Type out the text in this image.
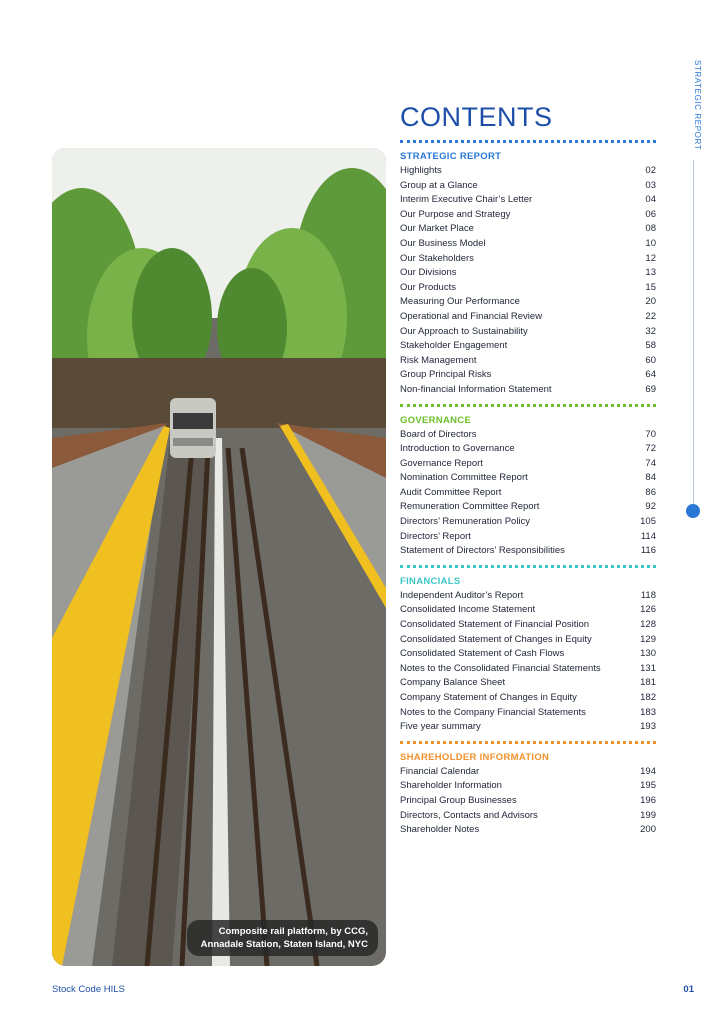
STRATEGIC REPORT
Composite rail platform, by CCG,
Annadale Station, Staten Island, NYC
CONTENTS
STRATEGIC REPORT
Highlights	02
Group at a Glance	03
Interim Executive Chair’s Letter	04
Our Purpose and Strategy	06
Our Market Place	08
Our Business Model	10
Our Stakeholders	12
Our Divisions	13
Our Products	15
Measuring Our Performance	20
Operational and Financial Review	22
Our Approach to Sustainability	32
Stakeholder Engagement	58
Risk Management	60
Group Principal Risks	64
Non-financial Information Statement	69
GOVERNANCE
Board of Directors	70
Introduction to Governance	72
Governance Report	74
Nomination Committee Report	84
Audit Committee Report	86
Remuneration Committee Report	92
Directors’ Remuneration Policy	105
Directors’ Report	114
Statement of Directors’ Responsibilities	116
FINANCIALS
Independent Auditor’s Report	118
Consolidated Income Statement	126
Consolidated Statement of Financial Position	128
Consolidated Statement of Changes in Equity	129
Consolidated Statement of Cash Flows	130
Notes to the Consolidated Financial Statements	131
Company Balance Sheet	181
Company Statement of Changes in Equity	182
Notes to the Company Financial Statements	183
Five year summary	193
SHAREHOLDER INFORMATION
Financial Calendar	194
Shareholder Information	195
Principal Group Businesses	196
Directors, Contacts and Advisors	199
Shareholder Notes	200
Stock Code HILS	01
